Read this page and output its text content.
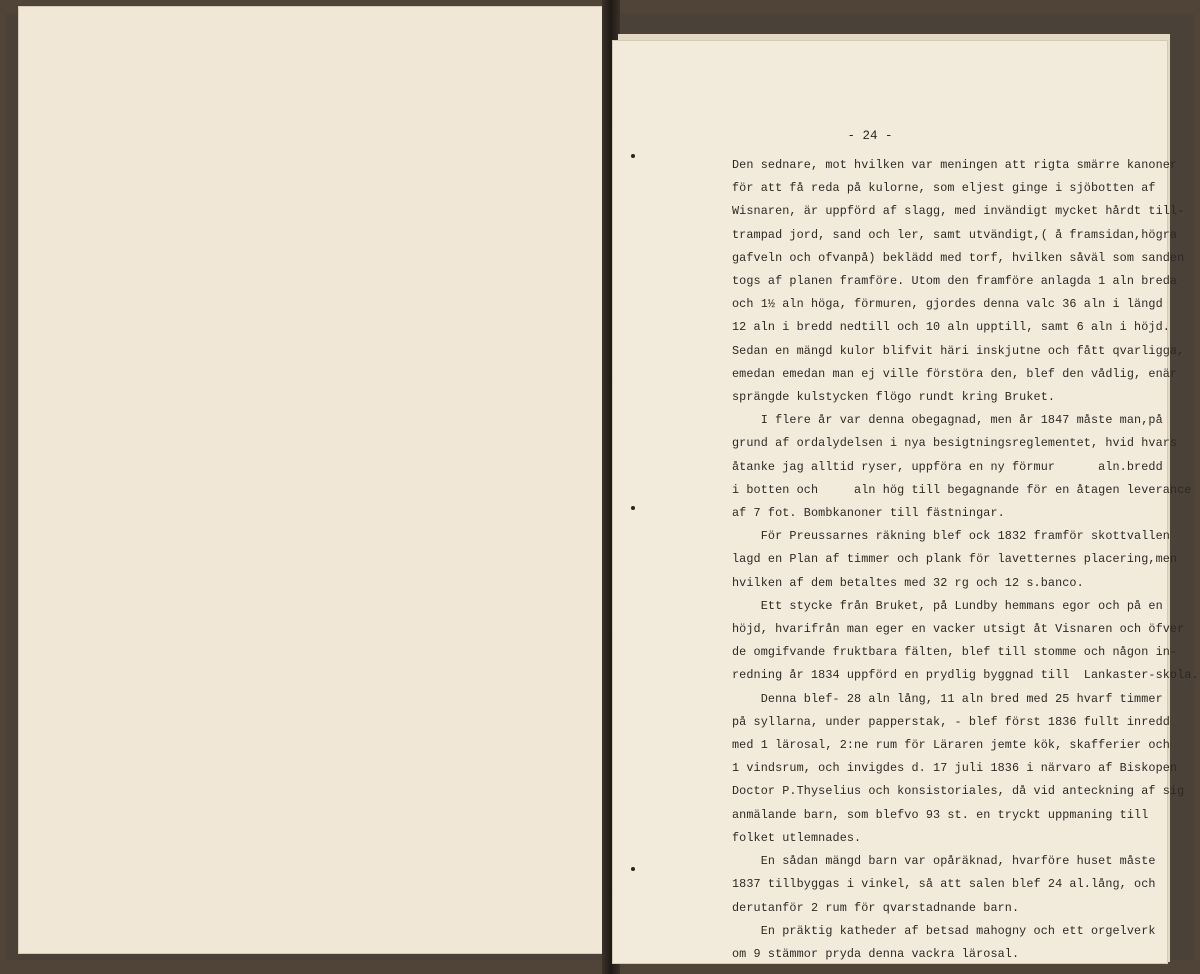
- 24 -
Den sednare, mot hvilken var meningen att rigta smärre kanoner
för att få reda på kulorne, som eljest ginge i sjöbotten af
Wisnaren, är uppförd af slagg, med invändigt mycket hårdt till-
trampad jord, sand och ler, samt utvändigt,( å framsidan,högra
gafveln och ofvanpå) beklädd med torf, hvilken såväl som sanden
togs af planen framföre. Utom den framföre anlagda 1 aln breda
och 1½ aln höga, förmuren, gjordes denna valc 36 aln i längd
12 aln i bredd nedtill och 10 aln upptill, samt 6 aln i höjd.
Sedan en mängd kulor blifvit häri inskjutne och fått qvarligga,
emedan emedan man ej ville förstöra den, blef den vådlig, enär
sprängde kulstycken flögo rundt kring Bruket.
I flere år var denna obegagnad, men år 1847 måste man,på
grund af ordalydelsen i nya besigtningsreglementet, hvid hvars
åtanke jag alltid ryser, uppföra en ny förmur      aln.bredd
i botten och     aln hög till begagnande för en åtagen leverance
af 7 fot. Bombkanoner till fästningar.
För Preussarnes räkning blef ock 1832 framför skottvallen
lagd en Plan af timmer och plank för lavetternes placering,men
hvilken af dem betaltes med 32 rg och 12 s.banco.
Ett stycke från Bruket, på Lundby hemmans egor och på en
höjd, hvarifrån man eger en vacker utsigt åt Visnaren och öfver
de omgifvande fruktbara fälten, blef till stomme och någon in-
redning år 1834 uppförd en prydlig byggnad till  Lankaster-skola.
Denna blef- 28 aln lång, 11 aln bred med 25 hvarf timmer
på syllarna, under papperstak, - blef först 1836 fullt inredd
med 1 lärosal, 2:ne rum för Läraren jemte kök, skafferier och
1 vindsrum, och invigdes d. 17 juli 1836 i närvaro af Biskopen
Doctor P.Thyselius och konsistoriales, då vid anteckning af sig
anmälande barn, som blefvo 93 st. en tryckt uppmaning till
folket utlemnades.
En sådan mängd barn var opåräknad, hvarföre huset måste
1837 tillbyggas i vinkel, så att salen blef 24 al.lång, och
derutanför 2 rum för qvarstadnande barn.
En präktig katheder af betsad mahogny och ett orgelverk
om 9 stämmor pryda denna vackra lärosal.
